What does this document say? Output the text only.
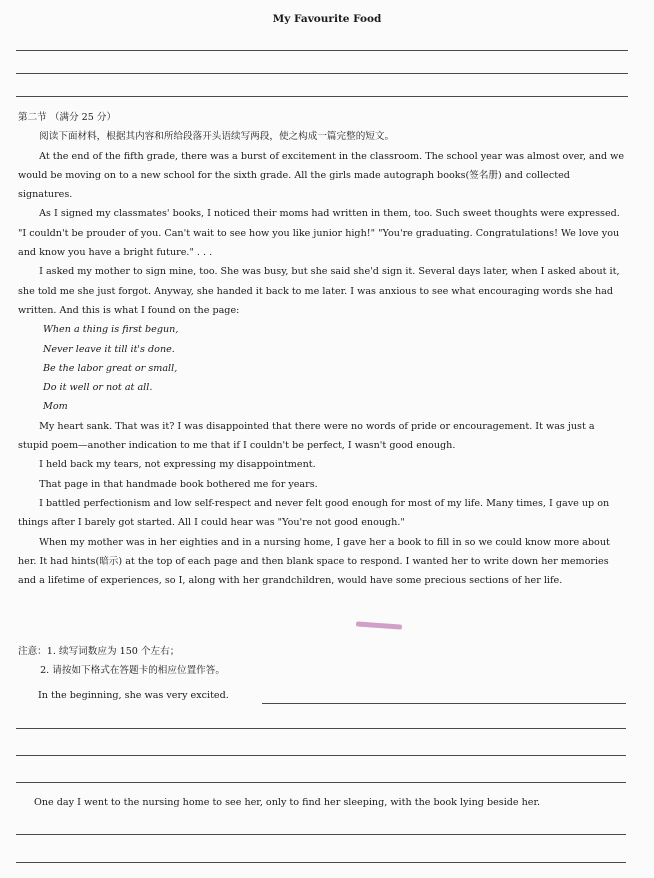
My Favourite Food

第二节 （满分 25 分）

阅读下面材料，根据其内容和所给段落开头语续写两段，使之构成一篇完整的短文。

At the end of the fifth grade, there was a burst of excitement in the classroom. The school year was almost over, and we would be moving on to a new school for the sixth grade. All the girls made autograph books(签名册) and collected signatures.

As I signed my classmates' books, I noticed their moms had written in them, too. Such sweet thoughts were expressed. "I couldn't be prouder of you. Can't wait to see how you like junior high!" "You're graduating. Congratulations! We love you and know you have a bright future." . . .

I asked my mother to sign mine, too. She was busy, but she said she'd sign it. Several days later, when I asked about it, she told me she just forgot. Anyway, she handed it back to me later. I was anxious to see what encouraging words she had written. And this is what I found on the page:

When a thing is first begun,

Never leave it till it's done.

Be the labor great or small,

Do it well or not at all.

Mom

My heart sank. That was it? I was disappointed that there were no words of pride or encouragement. It was just a stupid poem—another indication to me that if I couldn't be perfect, I wasn't good enough.

I held back my tears, not expressing my disappointment.

That page in that handmade book bothered me for years.

I battled perfectionism and low self-respect and never felt good enough for most of my life. Many times, I gave up on things after I barely got started. All I could hear was "You're not good enough."

When my mother was in her eighties and in a nursing home, I gave her a book to fill in so we could know more about her. It had hints(暗示) at the top of each page and then blank space to respond. I wanted her to write down her memories and a lifetime of experiences, so I, along with her grandchildren, would have some precious sections of her life.

注意：1. 续写词数应为 150 个左右；

2. 请按如下格式在答题卡的相应位置作答。

In the beginning, she was very excited.
One day I went to the nursing home to see her, only to find her sleeping, with the book lying beside her.
